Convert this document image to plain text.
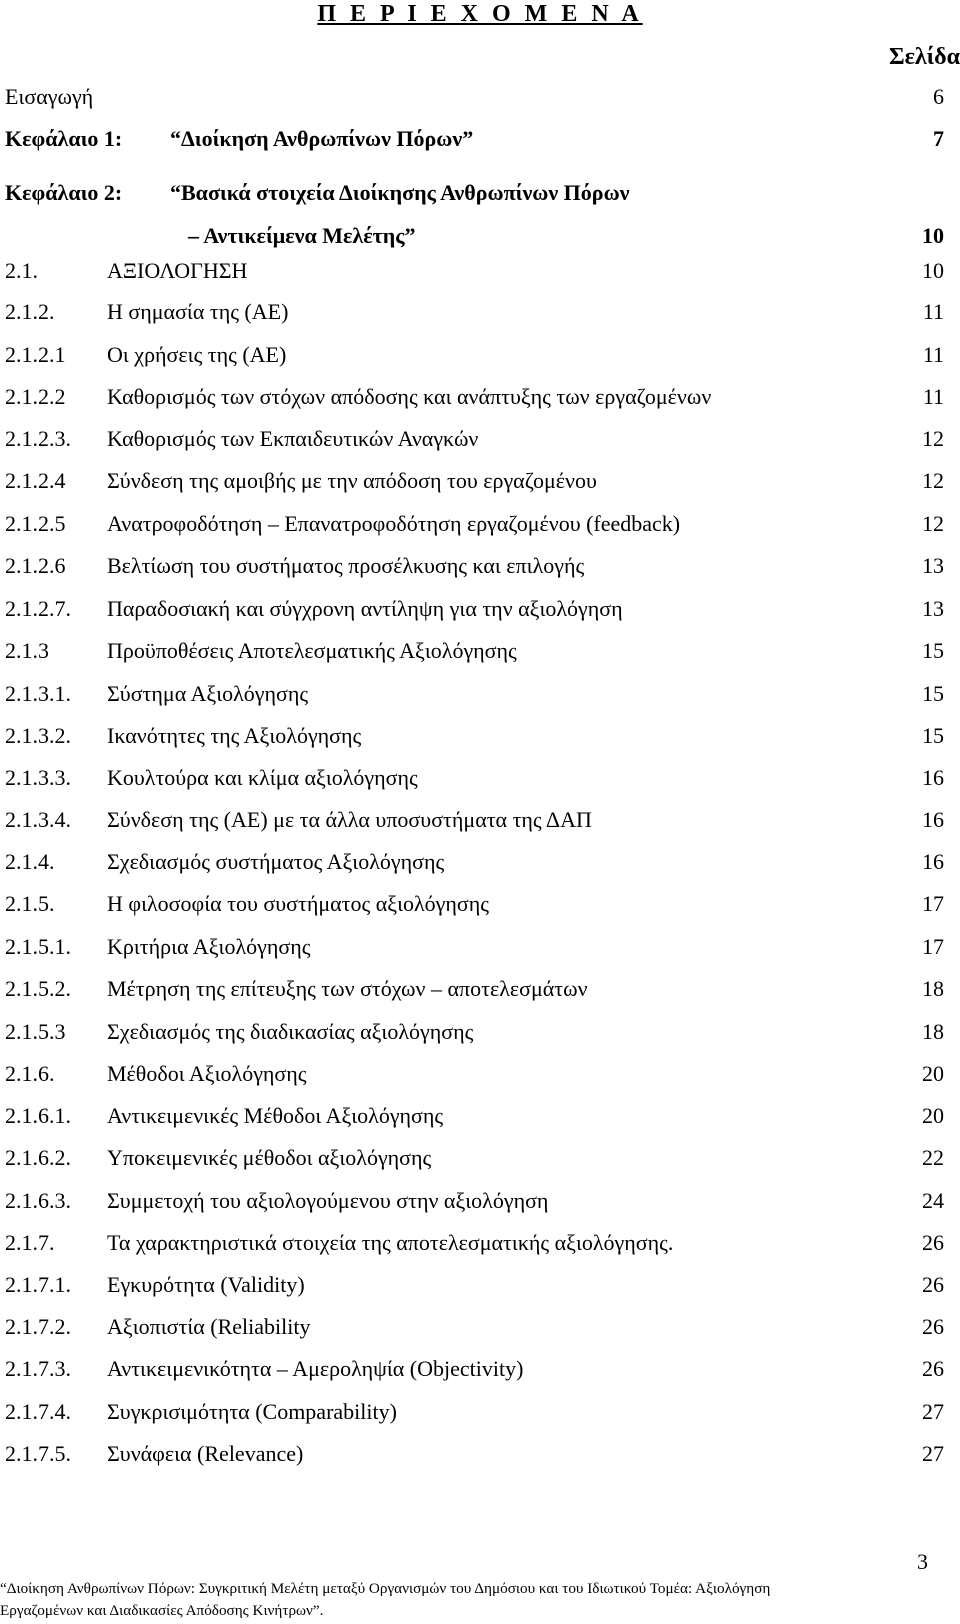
Π Ε Ρ Ι Ε Χ Ο Μ Ε Ν Α
Σελίδα
Εισαγωγή	6
Κεφάλαιο 1: “Διοίκηση Ανθρωπίνων Πόρων”	7
Κεφάλαιο 2: “Βασικά στοιχεία Διοίκησης Ανθρωπίνων Πόρων
– Αντικείμενα Μελέτης”	10
2.1.	ΑΞΙΟΛΟΓΗΣΗ	10
2.1.2. Η σημασία της (ΑΕ)	11
2.1.2.1 Οι χρήσεις της (ΑΕ)	11
2.1.2.2 Καθορισμός των στόχων απόδοσης και ανάπτυξης των εργαζομένων	11
2.1.2.3. Καθορισμός των Εκπαιδευτικών Αναγκών	12
2.1.2.4 Σύνδεση της αμοιβής με την απόδοση του εργαζομένου	12
2.1.2.5 Ανατροφοδότηση – Επανατροφοδότηση εργαζομένου (feedback)	12
2.1.2.6 Βελτίωση του συστήματος προσέλκυσης και επιλογής	13
2.1.2.7. Παραδοσιακή και σύγχρονη αντίληψη για την αξιολόγηση	13
2.1.3	Προϋποθέσεις Αποτελεσματικής Αξιολόγησης	15
2.1.3.1. Σύστημα Αξιολόγησης	15
2.1.3.2. Ικανότητες της Αξιολόγησης	15
2.1.3.3. Κουλτούρα και κλίμα αξιολόγησης	16
2.1.3.4. Σύνδεση της (ΑΕ) με τα άλλα υποσυστήματα της ΔΑΠ	16
2.1.4. Σχεδιασμός συστήματος Αξιολόγησης	16
2.1.5. Η φιλοσοφία του συστήματος αξιολόγησης	17
2.1.5.1. Κριτήρια Αξιολόγησης	17
2.1.5.2. Μέτρηση της επίτευξης των στόχων – αποτελεσμάτων	18
2.1.5.3 Σχεδιασμός της διαδικασίας αξιολόγησης	18
2.1.6. Μέθοδοι Αξιολόγησης	20
2.1.6.1. Αντικειμενικές Μέθοδοι Αξιολόγησης	20
2.1.6.2. Υποκειμενικές μέθοδοι αξιολόγησης	22
2.1.6.3. Συμμετοχή του αξιολογούμενου στην αξιολόγηση	24
2.1.7. Τα χαρακτηριστικά στοιχεία της αποτελεσματικής αξιολόγησης.	26
2.1.7.1. Εγκυρότητα (Validity)	26
2.1.7.2. Αξιοπιστία (Reliability	26
2.1.7.3. Αντικειμενικότητα – Αμεροληψία (Objectivity)	26
2.1.7.4. Συγκρισιμότητα (Comparability)	27
2.1.7.5. Συνάφεια (Relevance)	27
3
“Διοίκηση Ανθρωπίνων Πόρων: Συγκριτική Μελέτη μεταξύ Οργανισμών του Δημόσιου και του Ιδιωτικού Τομέα: Αξιολόγηση
Εργαζομένων και Διαδικασίες Απόδοσης Κινήτρων”.
